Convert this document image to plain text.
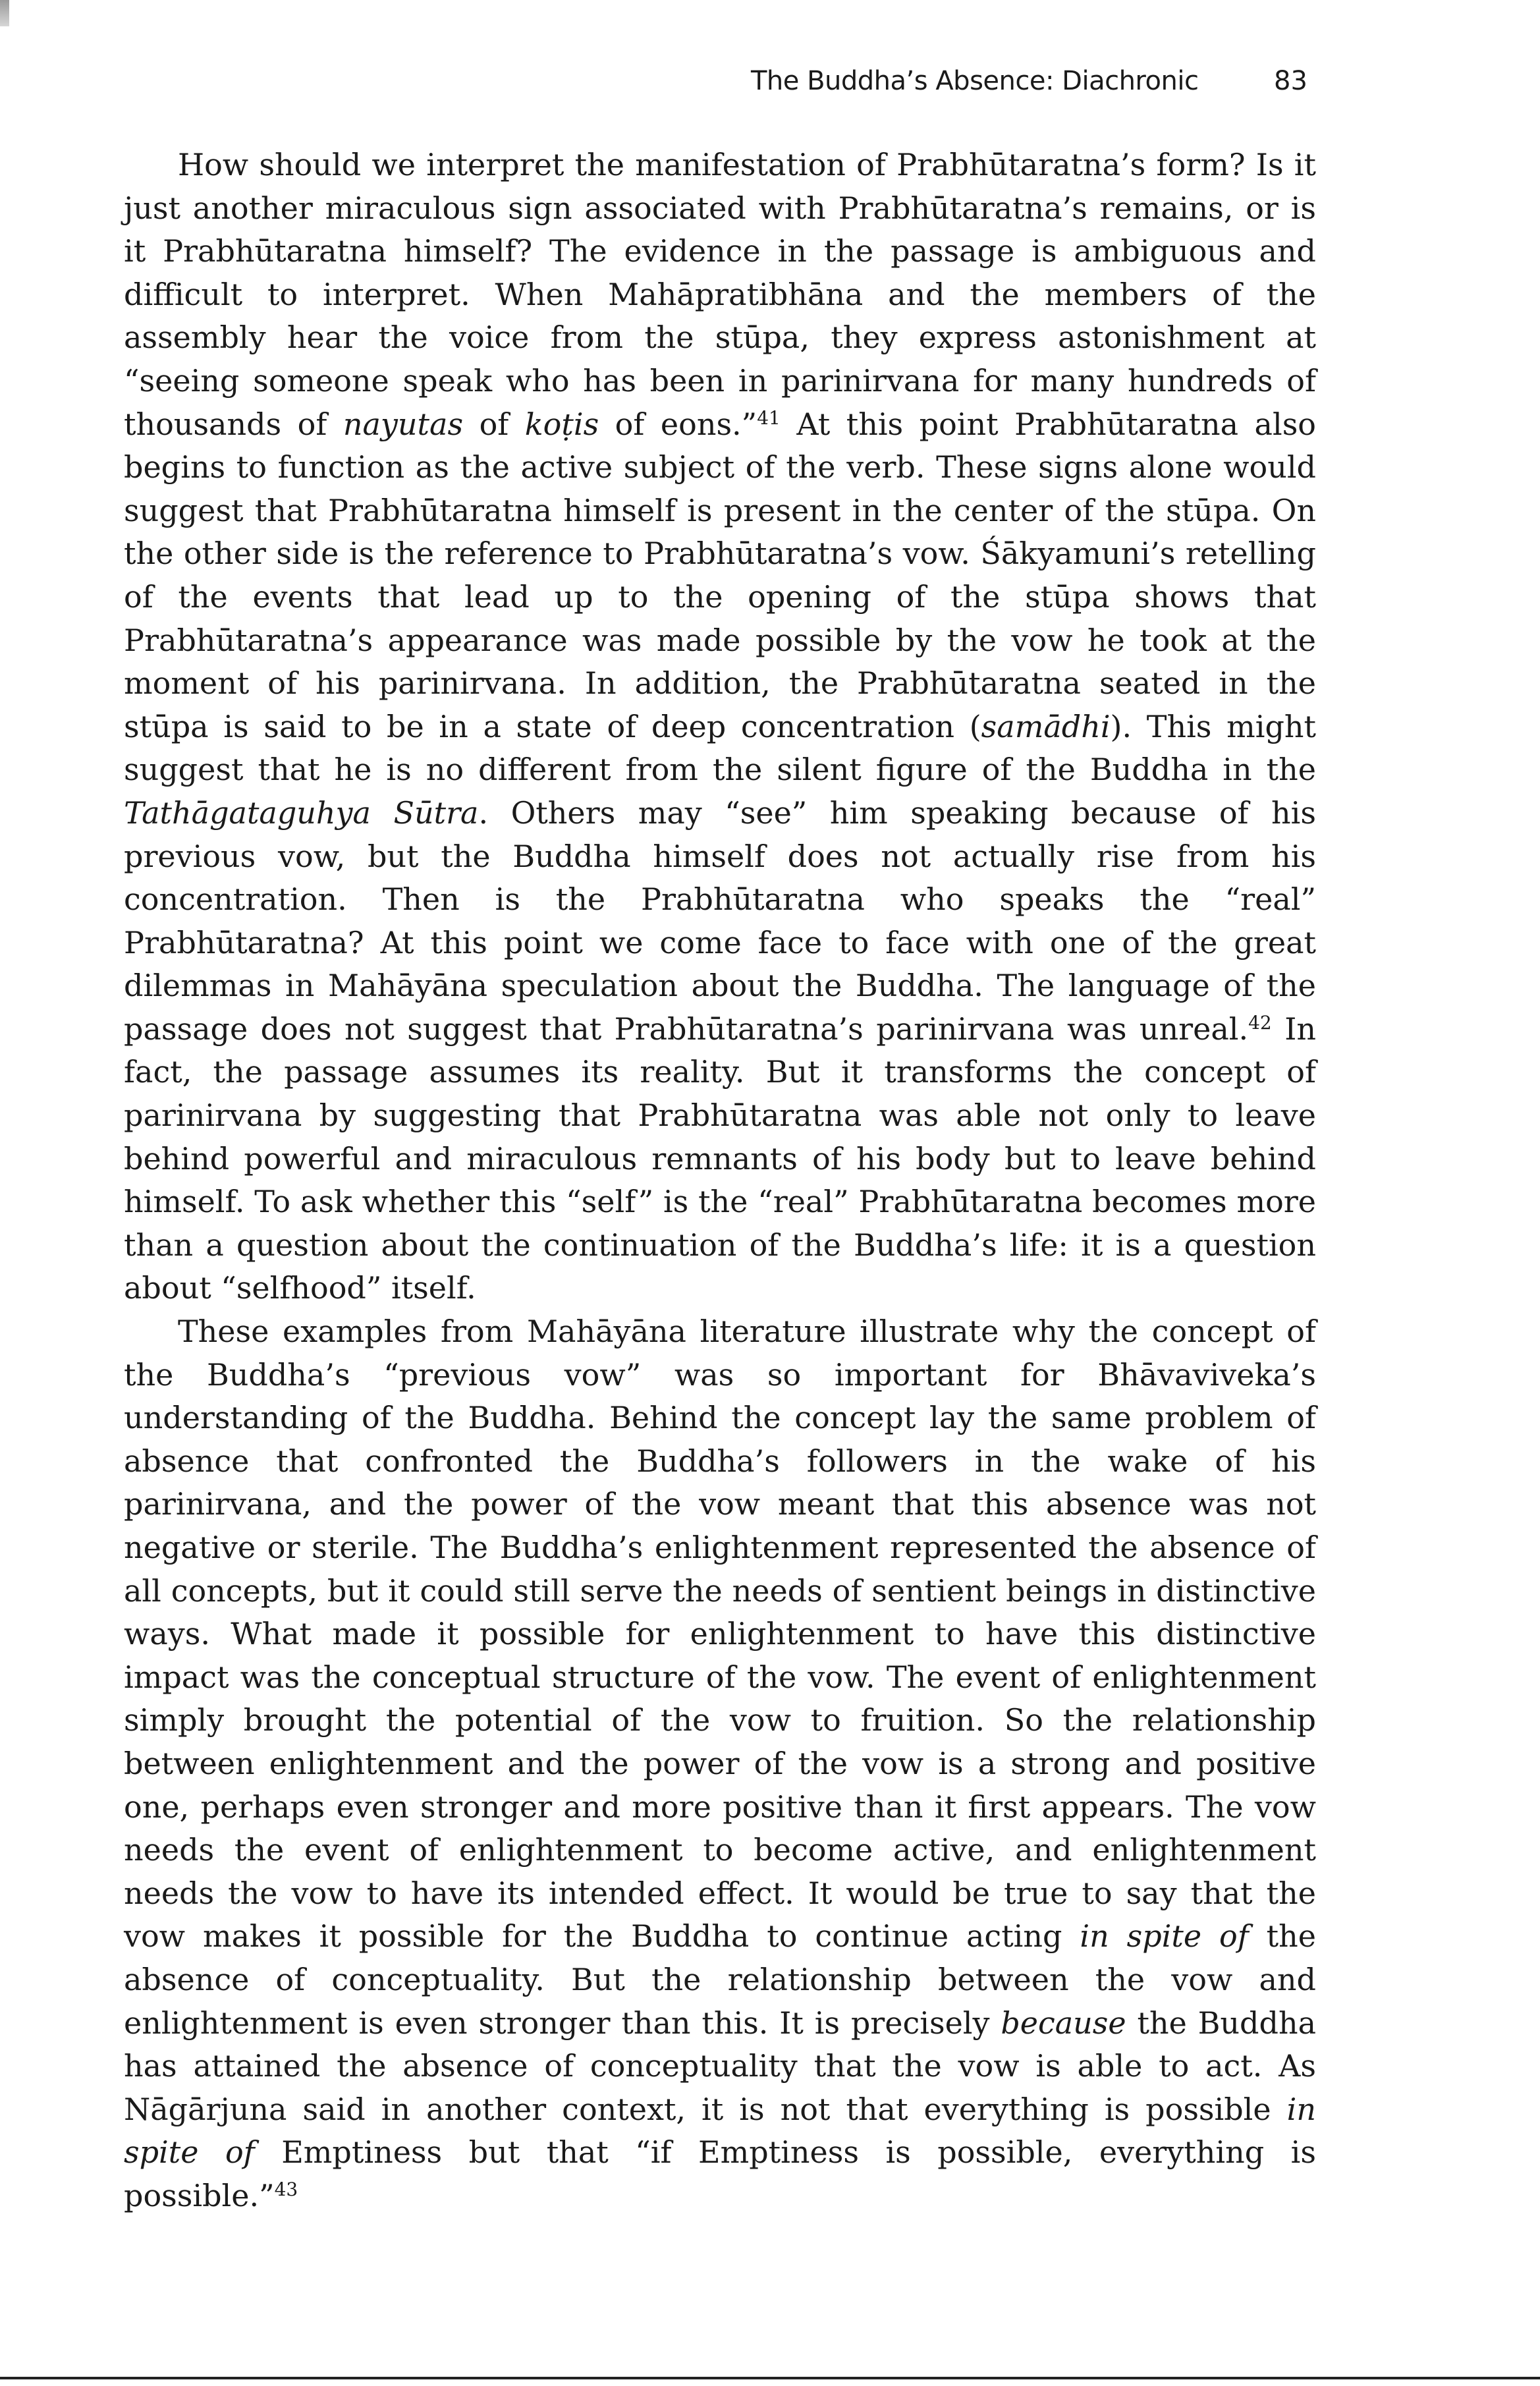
The Buddha’s Absence: Diachronic	83

How should we interpret the manifestation of Prabhūtaratna’s form? Is it just another miraculous sign associated with Prabhūtaratna’s remains, or is it Prabhūtaratna himself? The evidence in the passage is ambiguous and difficult to interpret. When Mahāpratibhāna and the members of the assembly hear the voice from the stūpa, they express astonishment at “seeing someone speak who has been in parinirvana for many hundreds of thousands of nayutas of koṭis of eons.”$^{41}$ At this point Prabhūtaratna also begins to function as the active subject of the verb. These signs alone would suggest that Prabhūtaratna himself is present in the center of the stūpa. On the other side is the reference to Prabhūtaratna’s vow. Śākyamuni’s retelling of the events that lead up to the opening of the stūpa shows that Prabhūtaratna’s appearance was made possible by the vow he took at the moment of his parinirvana. In addition, the Prabhūtaratna seated in the stūpa is said to be in a state of deep concentration (samādhi). This might suggest that he is no different from the silent figure of the Buddha in the Tathāgataguhya Sūtra. Others may “see” him speaking because of his previous vow, but the Buddha himself does not actually rise from his concentration. Then is the Prabhūtaratna who speaks the “real” Prabhūtaratna? At this point we come face to face with one of the great dilemmas in Mahāyāna speculation about the Buddha. The language of the passage does not suggest that Prabhūtaratna’s parinirvana was unreal.$^{42}$ In fact, the passage assumes its reality. But it transforms the concept of parinirvana by suggesting that Prabhūtaratna was able not only to leave behind powerful and miraculous remnants of his body but to leave behind himself. To ask whether this “self” is the “real” Prabhūtaratna becomes more than a question about the continuation of the Buddha’s life: it is a question about “selfhood” itself.

These examples from Mahāyāna literature illustrate why the concept of the Buddha’s “previous vow” was so important for Bhāvaviveka’s understanding of the Buddha. Behind the concept lay the same problem of absence that confronted the Buddha’s followers in the wake of his parinirvana, and the power of the vow meant that this absence was not negative or sterile. The Buddha’s enlightenment represented the absence of all concepts, but it could still serve the needs of sentient beings in distinctive ways. What made it possible for enlightenment to have this distinctive impact was the conceptual structure of the vow. The event of enlightenment simply brought the potential of the vow to fruition. So the relationship between enlightenment and the power of the vow is a strong and positive one, perhaps even stronger and more positive than it first appears. The vow needs the event of enlightenment to become active, and enlightenment needs the vow to have its intended effect. It would be true to say that the vow makes it possible for the Buddha to continue acting in spite of the absence of conceptuality. But the relationship between the vow and enlightenment is even stronger than this. It is precisely because the Buddha has attained the absence of conceptuality that the vow is able to act. As Nāgārjuna said in another context, it is not that everything is possible in spite of Emptiness but that “if Emptiness is possible, everything is possible.”$^{43}$
